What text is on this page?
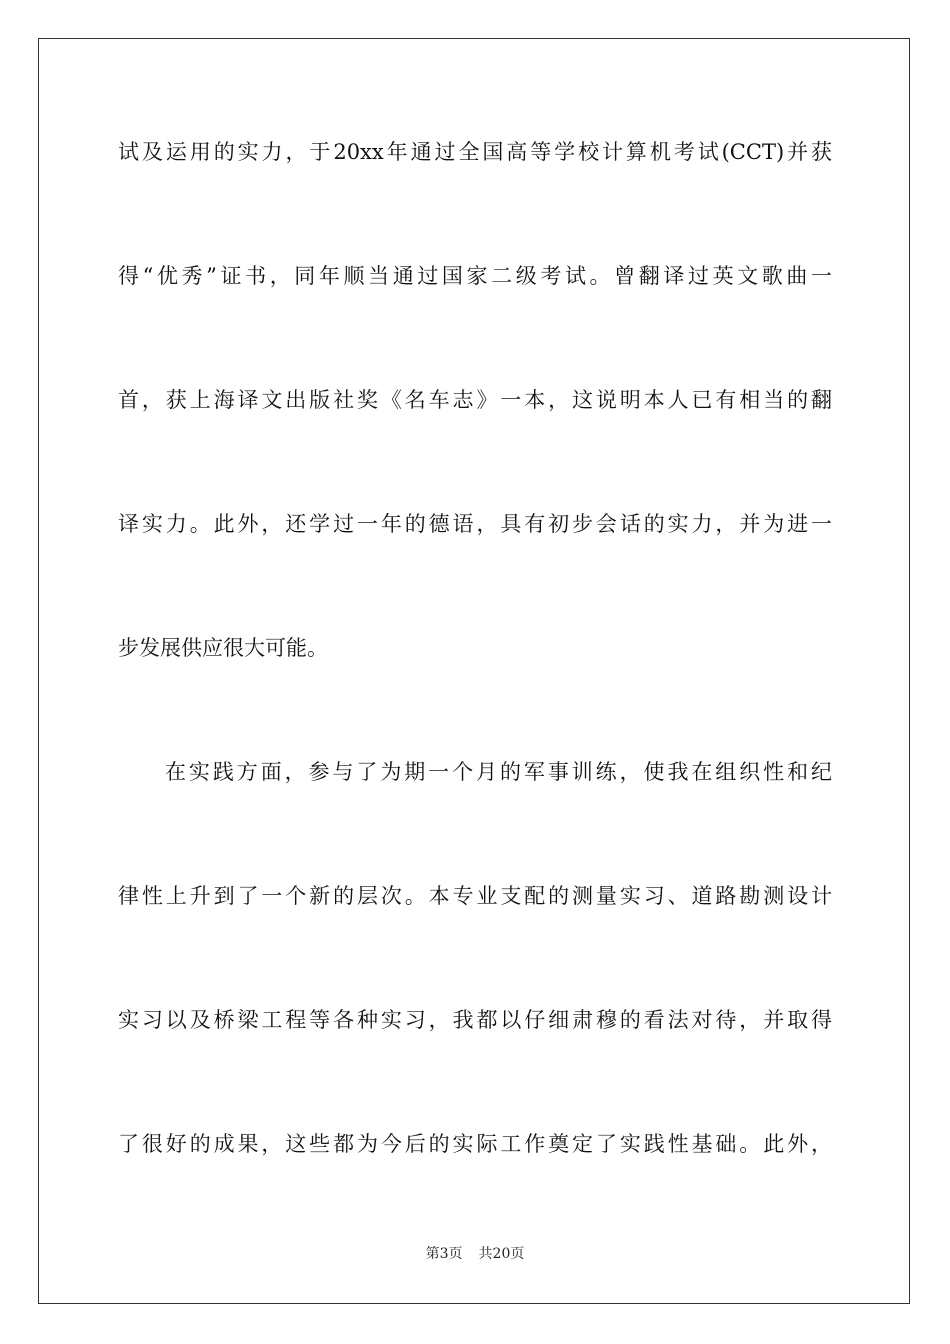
试及运用的实力，于20xx年通过全国高等学校计算机考试(CCT)并获
得“优秀”证书，同年顺当通过国家二级考试。曾翻译过英文歌曲一
首，获上海译文出版社奖《名车志》一本，这说明本人已有相当的翻
译实力。此外，还学过一年的德语，具有初步会话的实力，并为进一
步发展供应很大可能。
在实践方面，参与了为期一个月的军事训练，使我在组织性和纪
律性上升到了一个新的层次。本专业支配的测量实习、道路勘测设计
实习以及桥梁工程等各种实习，我都以仔细肃穆的看法对待，并取得
了很好的成果，这些都为今后的实际工作奠定了实践性基础。此外，
第3页 共20页
